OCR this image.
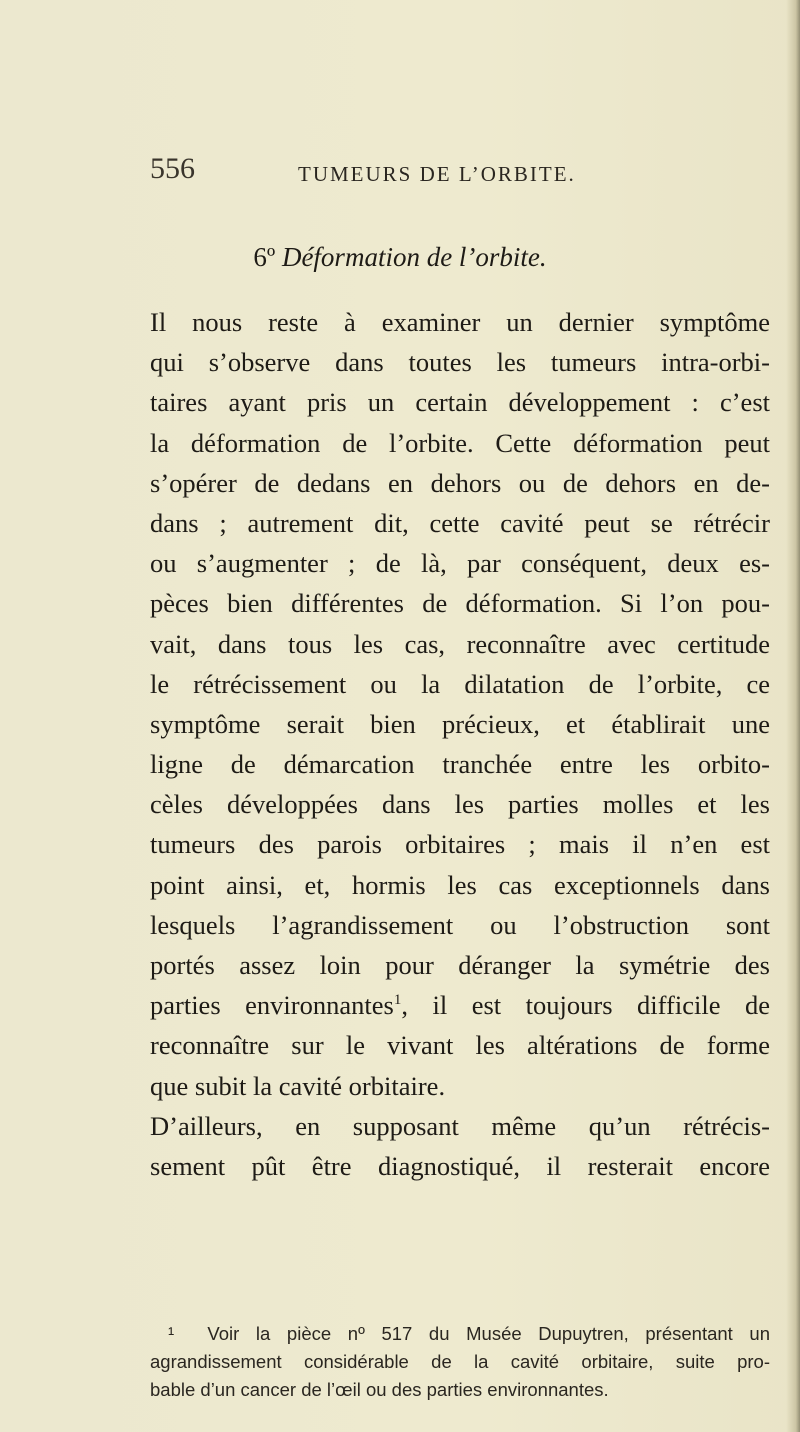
556	TUMEURS DE L’ORBITE.
6º Déformation de l’orbite.
Il nous reste à examiner un dernier symptôme
qui s’observe dans toutes les tumeurs intra-orbi-
taires ayant pris un certain développement : c’est
la déformation de l’orbite. Cette déformation peut
s’opérer de dedans en dehors ou de dehors en de-
dans ; autrement dit, cette cavité peut se rétrécir
ou s’augmenter ; de là, par conséquent, deux es-
pèces bien différentes de déformation. Si l’on pou-
vait, dans tous les cas, reconnaître avec certitude
le rétrécissement ou la dilatation de l’orbite, ce
symptôme serait bien précieux, et établirait une
ligne de démarcation tranchée entre les orbito-
cèles développées dans les parties molles et les
tumeurs des parois orbitaires ; mais il n’en est
point ainsi, et, hormis les cas exceptionnels dans
lesquels l’agrandissement ou l’obstruction sont
portés assez loin pour déranger la symétrie des
parties environnantes$^1$, il est toujours difficile de
reconnaître sur le vivant les altérations de forme
que subit la cavité orbitaire.
D’ailleurs, en supposant même qu’un rétrécis-
sement pût être diagnostiqué, il resterait encore
¹ Voir la pièce nº 517 du Musée Dupuytren, présentant un
agrandissement considérable de la cavité orbitaire, suite pro-
bable d’un cancer de l’œil ou des parties environnantes.
